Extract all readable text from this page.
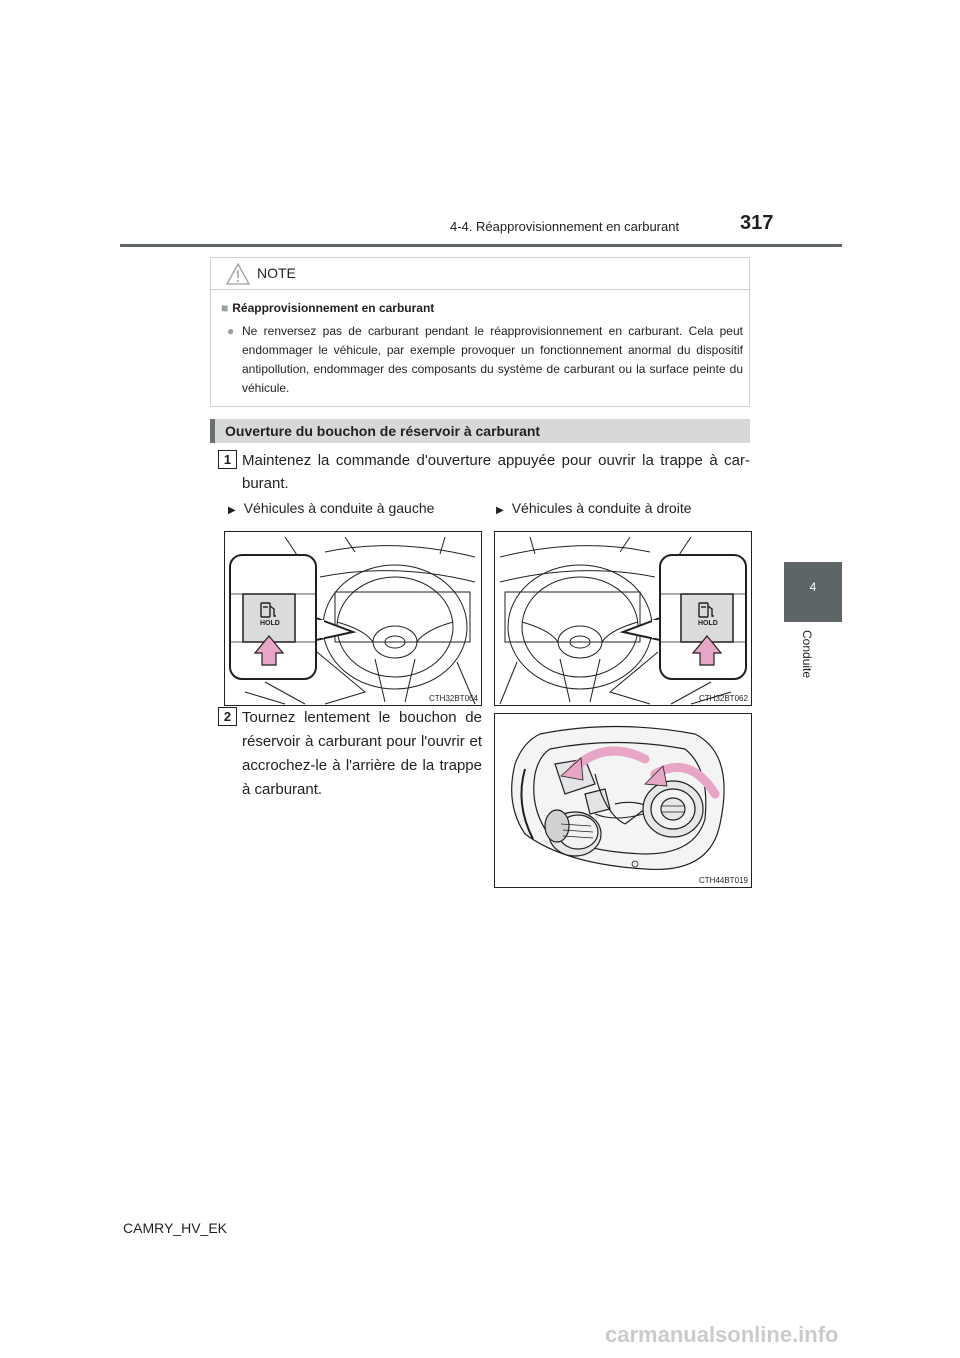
4-4. Réapprovisionnement en carburant	317
4
Conduite
NOTE
■ Réapprovisionnement en carburant
● Ne renversez pas de carburant pendant le réapprovisionnement en carburant. Cela peut endommager le véhicule, par exemple provoquer un fonctionnement anormal du dispositif antipollution, endommager des composants du système de carburant ou la surface peinte du véhicule.
Ouverture du bouchon de réservoir à carburant
1 Maintenez la commande d'ouverture appuyée pour ouvrir la trappe à car-burant.
▶ Véhicules à conduite à gauche	▶ Véhicules à conduite à droite
CTH32BT064
HOLD
CTH32BT062
HOLD
2 Tournez lentement le bouchon de réservoir à carburant pour l'ouvrir et accrochez-le à l'arrière de la trappe à carburant.
CTH44BT019
CAMRY_HV_EK
carmanualsonline.info
